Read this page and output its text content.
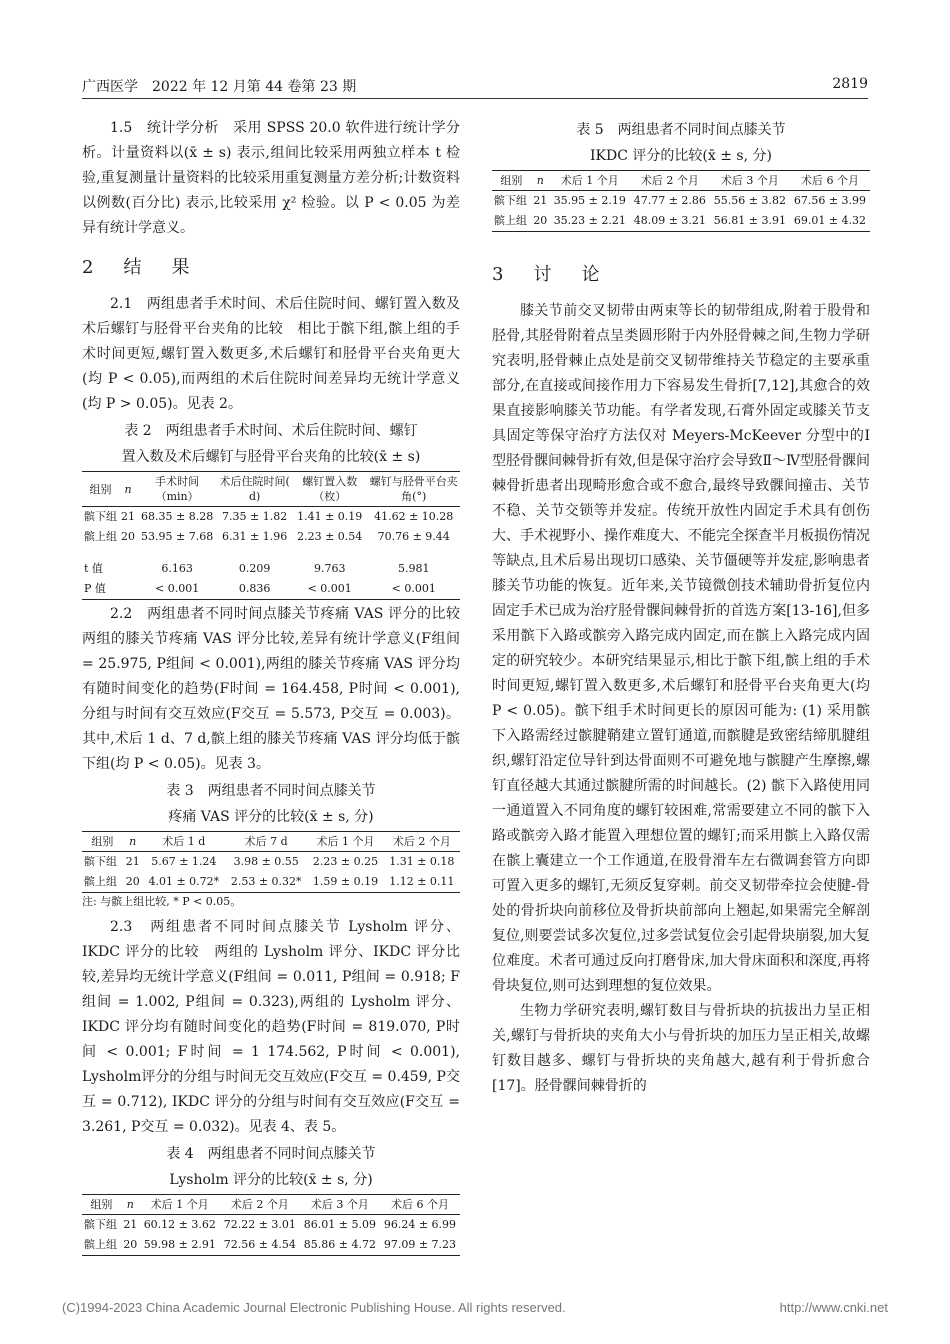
广西医学　2022 年 12 月第 44 卷第 23 期	2819

1.5　统计学分析　采用 SPSS 20.0 软件进行统计学分析。计量资料以(x̄ ± s) 表示,组间比较采用两独立样本 t 检验,重复测量计量资料的比较采用重复测量方差分析;计数资料以例数(百分比) 表示,比较采用 χ² 检验。以 P < 0.05 为差异有统计学意义。

2　结　果

2.1　两组患者手术时间、术后住院时间、螺钉置入数及术后螺钉与胫骨平台夹角的比较　相比于髌下组,髌上组的手术时间更短,螺钉置入数更多,术后螺钉和胫骨平台夹角更大(均 P < 0.05),而两组的术后住院时间差异均无统计学意义(均 P > 0.05)。见表 2。

表 2　两组患者手术时间、术后住院时间、螺钉
置入数及术后螺钉与胫骨平台夹角的比较(x̄ ± s)
组别	n	手术时间（min）	术后住院时间( d)	螺钉置入数（枚）	螺钉与胫骨平台夹角(°)
髌下组	21	68.35 ± 8.28	7.35 ± 1.82	1.41 ± 0.19	41.62 ± 10.28
髌上组	20	53.95 ± 7.68	6.31 ± 1.96	2.23 ± 0.54	70.76 ± 9.44

t 值		6.163	0.209	9.763	5.981
P 值		< 0.001	0.836	< 0.001	< 0.001

2.2　两组患者不同时间点膝关节疼痛 VAS 评分的比较　两组的膝关节疼痛 VAS 评分比较,差异有统计学意义(F组间 = 25.975, P组间 < 0.001),两组的膝关节疼痛 VAS 评分均有随时间变化的趋势(F时间 = 164.458, P时间 < 0.001),分组与时间有交互效应(F交互 = 5.573, P交互 = 0.003)。其中,术后 1 d、7 d,髌上组的膝关节疼痛 VAS 评分均低于髌下组(均 P < 0.05)。见表 3。

表 3　两组患者不同时间点膝关节
疼痛 VAS 评分的比较(x̄ ± s, 分)
组别	n	术后 1 d	术后 7 d	术后 1 个月	术后 2 个月
髌下组	21	5.67 ± 1.24	3.98 ± 0.55	2.23 ± 0.25	1.31 ± 0.18
髌上组	20	4.01 ± 0.72*	2.53 ± 0.32*	1.59 ± 0.19	1.12 ± 0.11
注: 与髌上组比较, * P < 0.05。

2.3　两组患者不同时间点膝关节 Lysholm 评分、IKDC 评分的比较　两组的 Lysholm 评分、IKDC 评分比较,差异均无统计学意义(F组间 = 0.011, P组间 = 0.918; F组间 = 1.002, P组间 = 0.323),两组的 Lysholm 评分、IKDC 评分均有随时间变化的趋势(F时间 = 819.070, P时间 < 0.001; F时间 = 1 174.562, P时间 < 0.001), Lysholm评分的分组与时间无交互效应(F交互 = 0.459, P交互 = 0.712), IKDC 评分的分组与时间有交互效应(F交互 = 3.261, P交互 = 0.032)。见表 4、表 5。

表 4　两组患者不同时间点膝关节
Lysholm 评分的比较(x̄ ± s, 分)
组别	n	术后 1 个月	术后 2 个月	术后 3 个月	术后 6 个月
髌下组	21	60.12 ± 3.62	72.22 ± 3.01	86.01 ± 5.09	96.24 ± 6.99
髌上组	20	59.98 ± 2.91	72.56 ± 4.54	85.86 ± 4.72	97.09 ± 7.23
表 5　两组患者不同时间点膝关节
IKDC 评分的比较(x̄ ± s, 分)
组别	n	术后 1 个月	术后 2 个月	术后 3 个月	术后 6 个月
髌下组	21	35.95 ± 2.19	47.77 ± 2.86	55.56 ± 3.82	67.56 ± 3.99
髌上组	20	35.23 ± 2.21	48.09 ± 3.21	56.81 ± 3.91	69.01 ± 4.32
3　讨　论

膝关节前交叉韧带由两束等长的韧带组成,附着于股骨和胫骨,其胫骨附着点呈类圆形附于内外胫骨棘之间,生物力学研究表明,胫骨棘止点处是前交叉韧带维持关节稳定的主要承重部分,在直接或间接作用力下容易发生骨折[7,12],其愈合的效果直接影响膝关节功能。有学者发现,石膏外固定或膝关节支具固定等保守治疗方法仅对 Meyers-McKeever 分型中的Ⅰ型胫骨髁间棘骨折有效,但是保守治疗会导致Ⅱ～Ⅳ型胫骨髁间棘骨折患者出现畸形愈合或不愈合,最终导致髁间撞击、关节不稳、关节交锁等并发症。传统开放性内固定手术具有创伤大、手术视野小、操作难度大、不能完全探查半月板损伤情况等缺点,且术后易出现切口感染、关节僵硬等并发症,影响患者膝关节功能的恢复。近年来,关节镜微创技术辅助骨折复位内固定手术已成为治疗胫骨髁间棘骨折的首选方案[13-16],但多采用髌下入路或髌旁入路完成内固定,而在髌上入路完成内固定的研究较少。本研究结果显示,相比于髌下组,髌上组的手术时间更短,螺钉置入数更多,术后螺钉和胫骨平台夹角更大(均 P < 0.05)。髌下组手术时间更长的原因可能为: (1) 采用髌下入路需经过髌腱鞘建立置钉通道,而髌腱是致密结缔肌腱组织,螺钉沿定位导针到达骨面则不可避免地与髌腱产生摩擦,螺钉直径越大其通过髌腱所需的时间越长。(2) 髌下入路使用同一通道置入不同角度的螺钉较困难,常需要建立不同的髌下入路或髌旁入路才能置入理想位置的螺钉;而采用髌上入路仅需在髌上囊建立一个工作通道,在股骨滑车左右微调套管方向即可置入更多的螺钉,无须反复穿刺。前交叉韧带牵拉会使腱-骨处的骨折块向前移位及骨折块前部向上翘起,如果需完全解剖复位,则要尝试多次复位,过多尝试复位会引起骨块崩裂,加大复位难度。术者可通过反向打磨骨床,加大骨床面积和深度,再将骨块复位,则可达到理想的复位效果。

生物力学研究表明,螺钉数目与骨折块的抗拔出力呈正相关,螺钉与骨折块的夹角大小与骨折块的加压力呈正相关,故螺钉数目越多、螺钉与骨折块的夹角越大,越有利于骨折愈合[17]。胫骨髁间棘骨折的

(C)1994-2023 China Academic Journal Electronic Publishing House. All rights reserved.	http://www.cnki.net
